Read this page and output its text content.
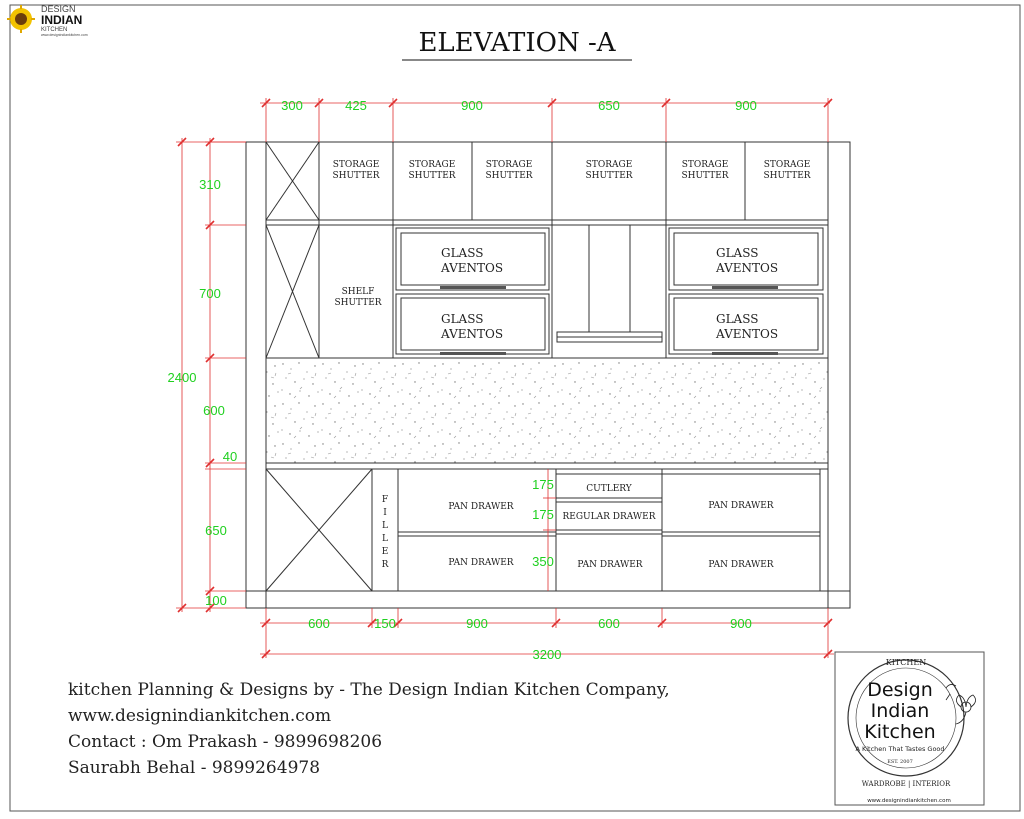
DESIGN
INDIAN
KITCHEN
www.designindiankitchen.com	ELEVATION -A
STORAGE
SHUTTER
STORAGE
SHUTTER
STORAGE
SHUTTER
STORAGE
SHUTTER
STORAGE
SHUTTER
STORAGE
SHUTTER
SHELF
SHUTTER
GLASS
AVENTOS
GLASS
AVENTOS
GLASS
AVENTOS
GLASS
AVENTOS
PAN DRAWER
PAN DRAWER
CUTLERY
REGULAR DRAWER
PAN DRAWER
PAN DRAWER
PAN DRAWER
F
I
L
L
E
R
300	425	900	650	900
310
700
600
40
650
100
2400
600	150	900	600	900
3200
175
175
350
KITCHEN
Design
Indian
Kitchen
A Kitchen That Tastes Good
EST. 2007
WARDROBE | INTERIOR
www.designindiankitchen.com
kitchen Planning & Designs by - The Design Indian Kitchen Company,
www.designindiankitchen.com
Contact : Om Prakash - 9899698206
Saurabh Behal - 9899264978
